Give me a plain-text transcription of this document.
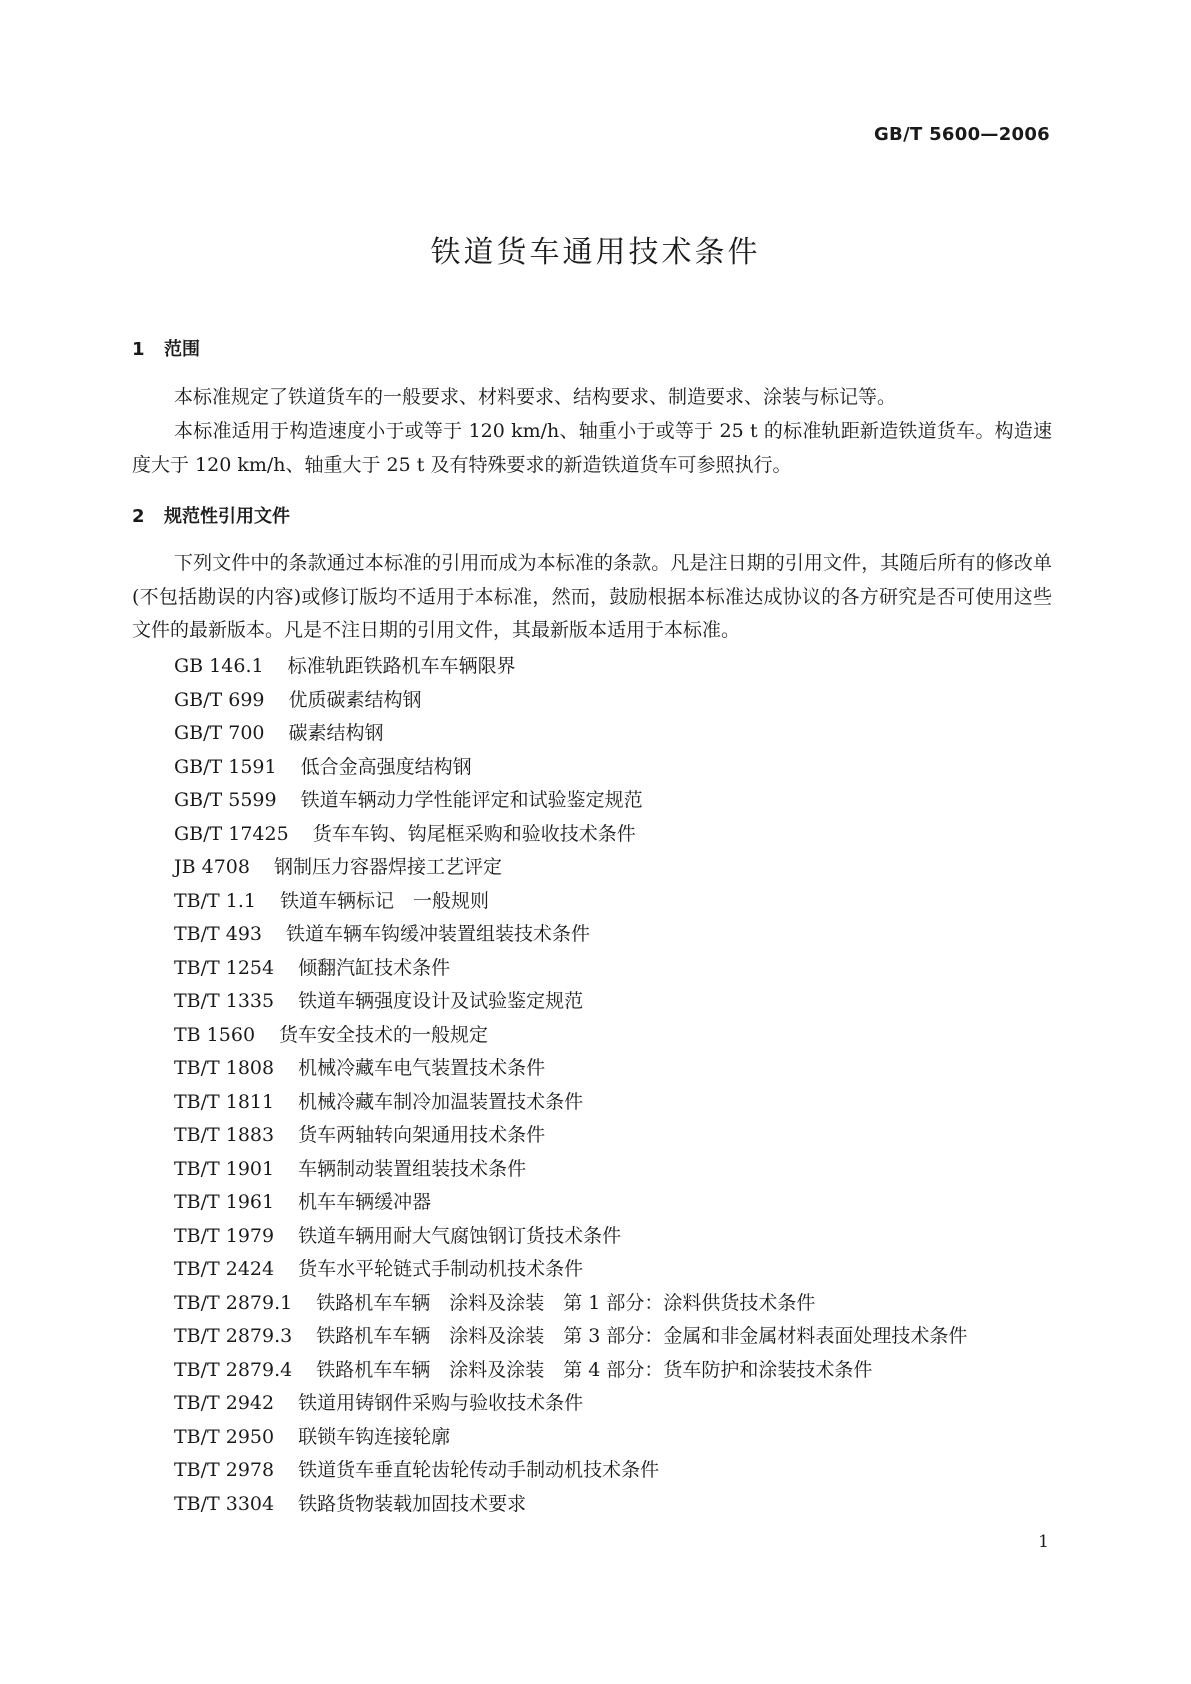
GB/T 5600—2006
铁道货车通用技术条件
1 范围
本标准规定了铁道货车的一般要求、材料要求、结构要求、制造要求、涂装与标记等。
本标准适用于构造速度小于或等于 120 km/h、轴重小于或等于 25 t 的标准轨距新造铁道货车。构造速度大于 120 km/h、轴重大于 25 t 及有特殊要求的新造铁道货车可参照执行。
2 规范性引用文件
下列文件中的条款通过本标准的引用而成为本标准的条款。凡是注日期的引用文件，其随后所有的修改单(不包括勘误的内容)或修订版均不适用于本标准，然而，鼓励根据本标准达成协议的各方研究是否可使用这些文件的最新版本。凡是不注日期的引用文件，其最新版本适用于本标准。
GB 146.1 标准轨距铁路机车车辆限界
GB/T 699 优质碳素结构钢
GB/T 700 碳素结构钢
GB/T 1591 低合金高强度结构钢
GB/T 5599 铁道车辆动力学性能评定和试验鉴定规范
GB/T 17425 货车车钩、钩尾框采购和验收技术条件
JB 4708 钢制压力容器焊接工艺评定
TB/T 1.1 铁道车辆标记　一般规则
TB/T 493 铁道车辆车钩缓冲装置组装技术条件
TB/T 1254 倾翻汽缸技术条件
TB/T 1335 铁道车辆强度设计及试验鉴定规范
TB 1560 货车安全技术的一般规定
TB/T 1808 机械冷藏车电气装置技术条件
TB/T 1811 机械冷藏车制冷加温装置技术条件
TB/T 1883 货车两轴转向架通用技术条件
TB/T 1901 车辆制动装置组装技术条件
TB/T 1961 机车车辆缓冲器
TB/T 1979 铁道车辆用耐大气腐蚀钢订货技术条件
TB/T 2424 货车水平轮链式手制动机技术条件
TB/T 2879.1 铁路机车车辆　涂料及涂装　第 1 部分：涂料供货技术条件
TB/T 2879.3 铁路机车车辆　涂料及涂装　第 3 部分：金属和非金属材料表面处理技术条件
TB/T 2879.4 铁路机车车辆　涂料及涂装　第 4 部分：货车防护和涂装技术条件
TB/T 2942 铁道用铸钢件采购与验收技术条件
TB/T 2950 联锁车钩连接轮廓
TB/T 2978 铁道货车垂直轮齿轮传动手制动机技术条件
TB/T 3304 铁路货物装载加固技术要求
1
